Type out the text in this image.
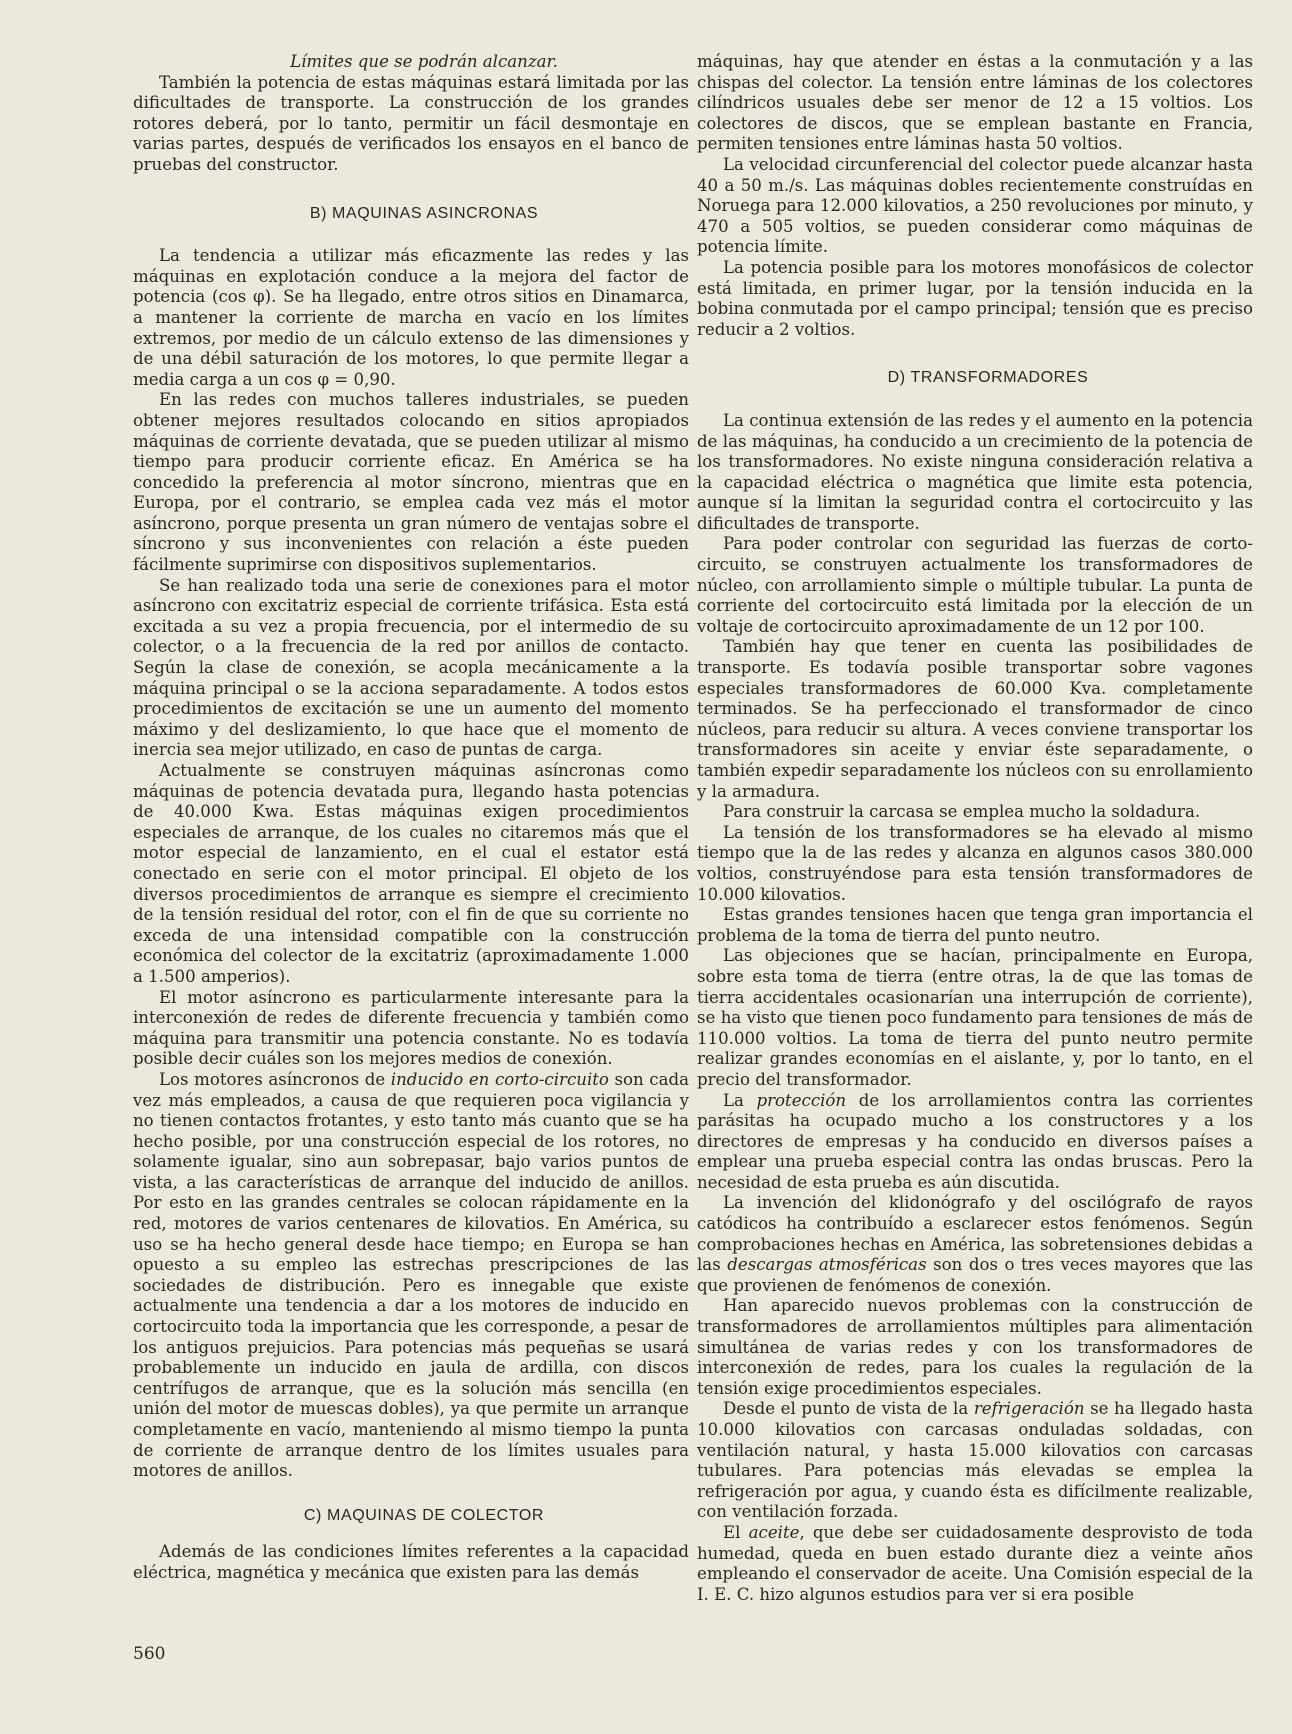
Límites que se podrán alcanzar.

También la potencia de estas máquinas estará limitada por las dificultades de transporte. La construcción de los grandes rotores deberá, por lo tanto, permitir un fácil desmontaje en varias partes, después de verificados los ensayos en el banco de pruebas del constructor.

B) MAQUINAS ASINCRONAS

La tendencia a utilizar más eficazmente las redes y las máquinas en explotación conduce a la mejora del factor de potencia (cos φ). Se ha llegado, entre otros sitios en Dinamarca, a mantener la corriente de marcha en vacío en los límites extremos, por medio de un cálculo extenso de las dimensiones y de una débil saturación de los motores, lo que permite llegar a media carga a un cos φ = 0,90.

En las redes con muchos talleres industriales, se pueden obtener mejores resultados colocando en sitios apropiados máquinas de corriente devatada, que se pueden utilizar al mismo tiempo para producir corriente eficaz. En América se ha concedido la preferencia al motor síncrono, mientras que en Europa, por el contrario, se emplea cada vez más el motor asíncrono, porque presenta un gran número de ventajas sobre el síncrono y sus inconvenientes con relación a éste pueden fácilmente suprimirse con dispositivos suplementarios.

Se han realizado toda una serie de conexiones para el motor asíncrono con excitatriz especial de corriente trifásica. Esta está excitada a su vez a propia frecuencia, por el intermedio de su colector, o a la frecuencia de la red por anillos de contacto. Según la clase de conexión, se acopla mecánicamente a la máquina principal o se la acciona separadamente. A todos estos procedimientos de excitación se une un aumento del momento máximo y del deslizamiento, lo que hace que el momento de inercia sea mejor utilizado, en caso de puntas de carga.

Actualmente se construyen máquinas asíncronas como máquinas de potencia devatada pura, llegando hasta potencias de 40.000 Kwa. Estas máquinas exigen procedimientos especiales de arranque, de los cuales no citaremos más que el motor especial de lanzamiento, en el cual el estator está conectado en serie con el motor principal. El objeto de los diversos procedimientos de arranque es siempre el crecimiento de la tensión residual del rotor, con el fin de que su corriente no exceda de una intensidad compatible con la construcción económica del colector de la excitatriz (aproximadamente 1.000 a 1.500 amperios).

El motor asíncrono es particularmente interesante para la interconexión de redes de diferente frecuencia y también como máquina para transmitir una potencia constante. No es todavía posible decir cuáles son los mejores medios de conexión.

Los motores asíncronos de inducido en corto-circuito son cada vez más empleados, a causa de que requieren poca vigilancia y no tienen contactos frotantes, y esto tanto más cuanto que se ha hecho posible, por una construcción especial de los rotores, no solamente igualar, sino aun sobrepasar, bajo varios puntos de vista, a las características de arranque del inducido de anillos. Por esto en las grandes centrales se colocan rápidamente en la red, motores de varios centenares de kilovatios. En América, su uso se ha hecho general desde hace tiempo; en Europa se han opuesto a su empleo las estrechas prescripciones de las sociedades de distribución. Pero es innegable que existe actualmente una tendencia a dar a los motores de inducido en cortocircuito toda la importancia que les corresponde, a pesar de los antiguos prejuicios. Para potencias más pequeñas se usará probablemente un inducido en jaula de ardilla, con discos centrífugos de arranque, que es la solución más sencilla (en unión del motor de muescas dobles), ya que permite un arranque completamente en vacío, manteniendo al mismo tiempo la punta de corriente de arranque dentro de los límites usuales para motores de anillos.

C) MAQUINAS DE COLECTOR

Además de las condiciones límites referentes a la capacidad eléctrica, magnética y mecánica que existen para las demás

máquinas, hay que atender en éstas a la conmutación y a las chispas del colector. La tensión entre láminas de los colectores cilíndricos usuales debe ser menor de 12 a 15 voltios. Los colectores de discos, que se emplean bastante en Francia, permiten tensiones entre láminas hasta 50 voltios.

La velocidad circunferencial del colector puede alcanzar hasta 40 a 50 m./s. Las máquinas dobles recientemente construídas en Noruega para 12.000 kilovatios, a 250 revoluciones por minuto, y 470 a 505 voltios, se pueden considerar como máquinas de potencia límite.

La potencia posible para los motores monofásicos de colector está limitada, en primer lugar, por la tensión inducida en la bobina conmutada por el campo principal; tensión que es preciso reducir a 2 voltios.

D) TRANSFORMADORES

La continua extensión de las redes y el aumento en la potencia de las máquinas, ha conducido a un crecimiento de la potencia de los transformadores. No existe ninguna consideración relativa a la capacidad eléctrica o magnética que limite esta potencia, aunque sí la limitan la seguridad contra el cortocircuito y las dificultades de transporte.

Para poder controlar con seguridad las fuerzas de corto-circuito, se construyen actualmente los transformadores de núcleo, con arrollamiento simple o múltiple tubular. La punta de corriente del cortocircuito está limitada por la elección de un voltaje de cortocircuito aproximadamente de un 12 por 100.

También hay que tener en cuenta las posibilidades de transporte. Es todavía posible transportar sobre vagones especiales transformadores de 60.000 Kva. completamente terminados. Se ha perfeccionado el transformador de cinco núcleos, para reducir su altura. A veces conviene transportar los transformadores sin aceite y enviar éste separadamente, o también expedir separadamente los núcleos con su enrollamiento y la armadura.

Para construir la carcasa se emplea mucho la soldadura.

La tensión de los transformadores se ha elevado al mismo tiempo que la de las redes y alcanza en algunos casos 380.000 voltios, construyéndose para esta tensión transformadores de 10.000 kilovatios.

Estas grandes tensiones hacen que tenga gran importancia el problema de la toma de tierra del punto neutro.

Las objeciones que se hacían, principalmente en Europa, sobre esta toma de tierra (entre otras, la de que las tomas de tierra accidentales ocasionarían una interrupción de corriente), se ha visto que tienen poco fundamento para tensiones de más de 110.000 voltios. La toma de tierra del punto neutro permite realizar grandes economías en el aislante, y, por lo tanto, en el precio del transformador.

La protección de los arrollamientos contra las corrientes parásitas ha ocupado mucho a los constructores y a los directores de empresas y ha conducido en diversos países a emplear una prueba especial contra las ondas bruscas. Pero la necesidad de esta prueba es aún discutida.

La invención del klidonógrafo y del oscilógrafo de rayos catódicos ha contribuído a esclarecer estos fenómenos. Según comprobaciones hechas en América, las sobretensiones debidas a las descargas atmosféricas son dos o tres veces mayores que las que provienen de fenómenos de conexión.

Han aparecido nuevos problemas con la construcción de transformadores de arrollamientos múltiples para alimentación simultánea de varias redes y con los transformadores de interconexión de redes, para los cuales la regulación de la tensión exige procedimientos especiales.

Desde el punto de vista de la refrigeración se ha llegado hasta 10.000 kilovatios con carcasas onduladas soldadas, con ventilación natural, y hasta 15.000 kilovatios con carcasas tubulares. Para potencias más elevadas se emplea la refrigeración por agua, y cuando ésta es difícilmente realizable, con ventilación forzada.

El aceite, que debe ser cuidadosamente desprovisto de toda humedad, queda en buen estado durante diez a veinte años empleando el conservador de aceite. Una Comisión especial de la I. E. C. hizo algunos estudios para ver si era posible

560
